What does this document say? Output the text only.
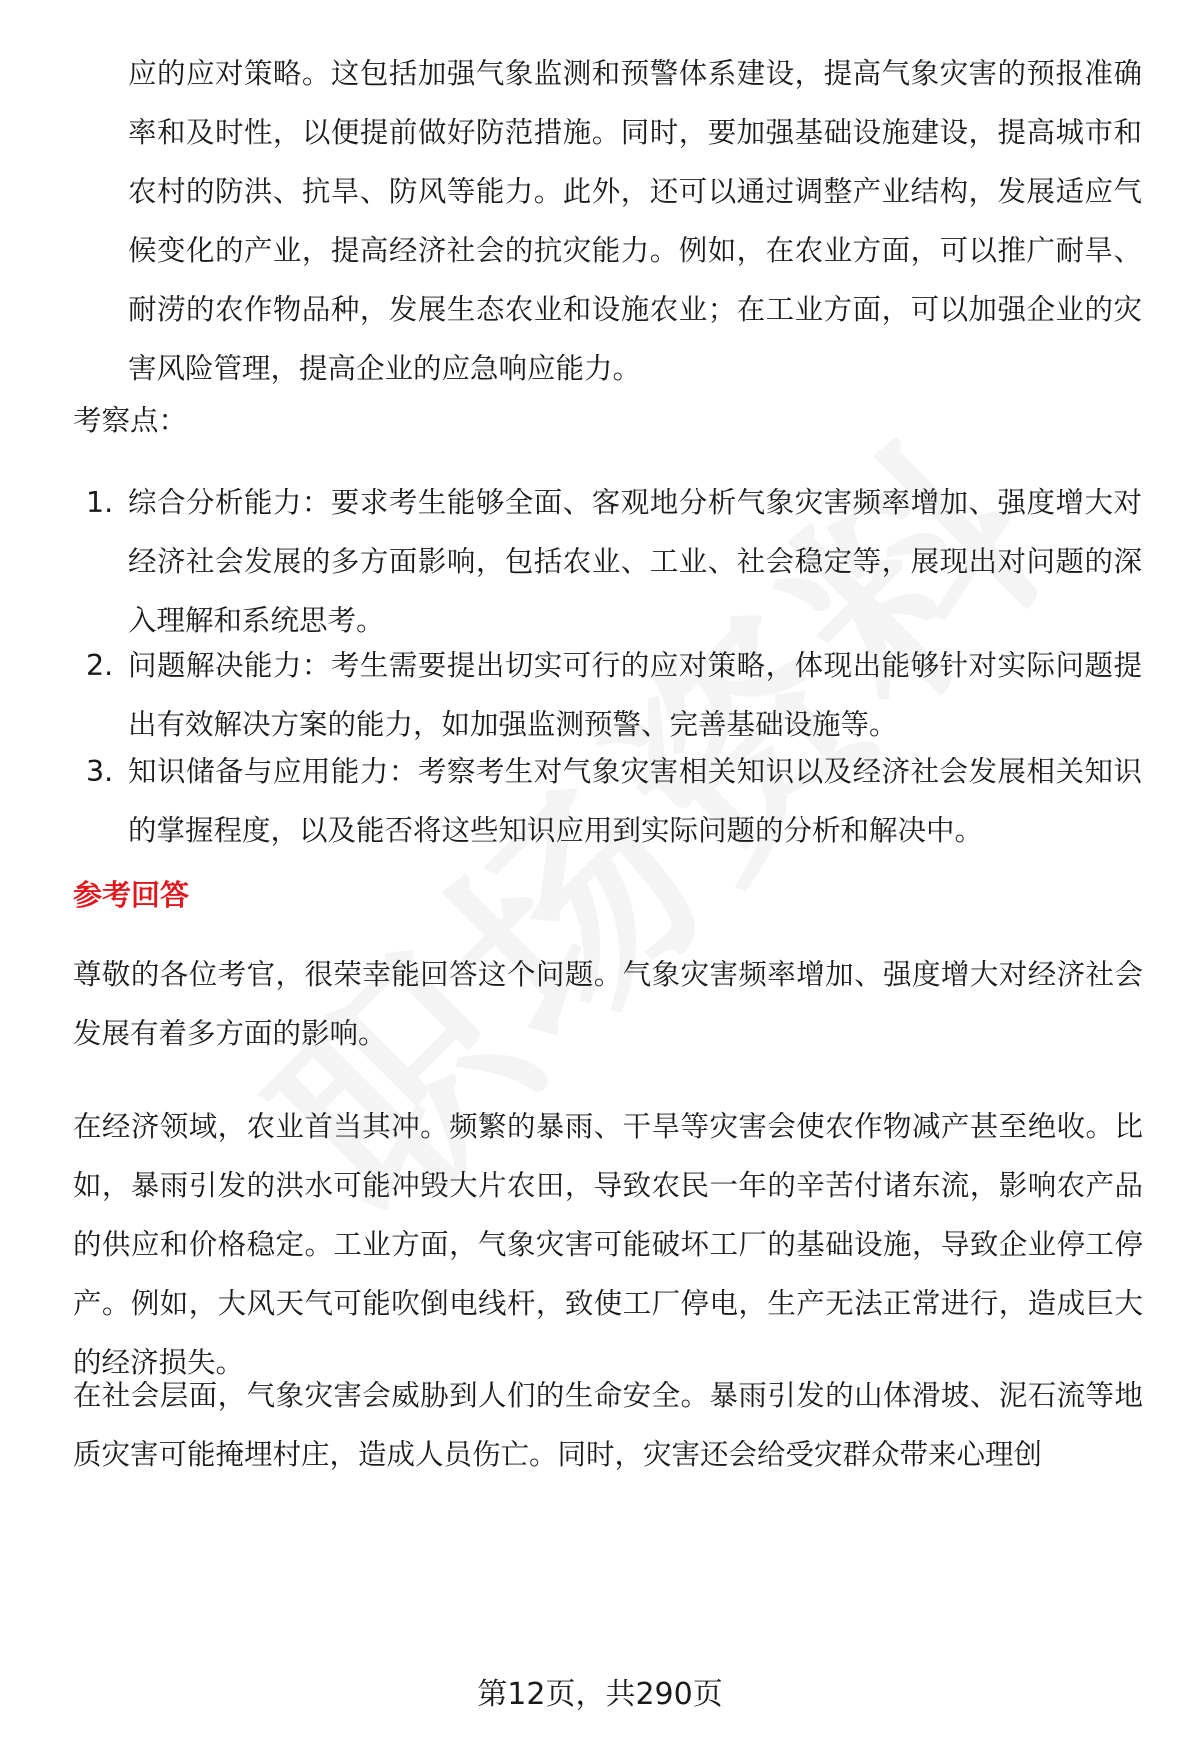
应的应对策略。这包括加强气象监测和预警体系建设，提高气象灾害的预报准确率和及时性，以便提前做好防范措施。同时，要加强基础设施建设，提高城市和农村的防洪、抗旱、防风等能力。此外，还可以通过调整产业结构，发展适应气候变化的产业，提高经济社会的抗灾能力。例如，在农业方面，可以推广耐旱、耐涝的农作物品种，发展生态农业和设施农业；在工业方面，可以加强企业的灾害风险管理，提高企业的应急响应能力。

考察点：

1. 综合分析能力：要求考生能够全面、客观地分析气象灾害频率增加、强度增大对经济社会发展的多方面影响，包括农业、工业、社会稳定等，展现出对问题的深入理解和系统思考。

2. 问题解决能力：考生需要提出切实可行的应对策略，体现出能够针对实际问题提出有效解决方案的能力，如加强监测预警、完善基础设施等。

3. 知识储备与应用能力：考察考生对气象灾害相关知识以及经济社会发展相关知识的掌握程度，以及能否将这些知识应用到实际问题的分析和解决中。

参考回答

尊敬的各位考官，很荣幸能回答这个问题。气象灾害频率增加、强度增大对经济社会发展有着多方面的影响。

在经济领域，农业首当其冲。频繁的暴雨、干旱等灾害会使农作物减产甚至绝收。比如，暴雨引发的洪水可能冲毁大片农田，导致农民一年的辛苦付诸东流，影响农产品的供应和价格稳定。工业方面，气象灾害可能破坏工厂的基础设施，导致企业停工停产。例如，大风天气可能吹倒电线杆，致使工厂停电，生产无法正常进行，造成巨大的经济损失。

在社会层面，气象灾害会威胁到人们的生命安全。暴雨引发的山体滑坡、泥石流等地质灾害可能掩埋村庄，造成人员伤亡。同时，灾害还会给受灾群众带来心理创

第12页，共290页
